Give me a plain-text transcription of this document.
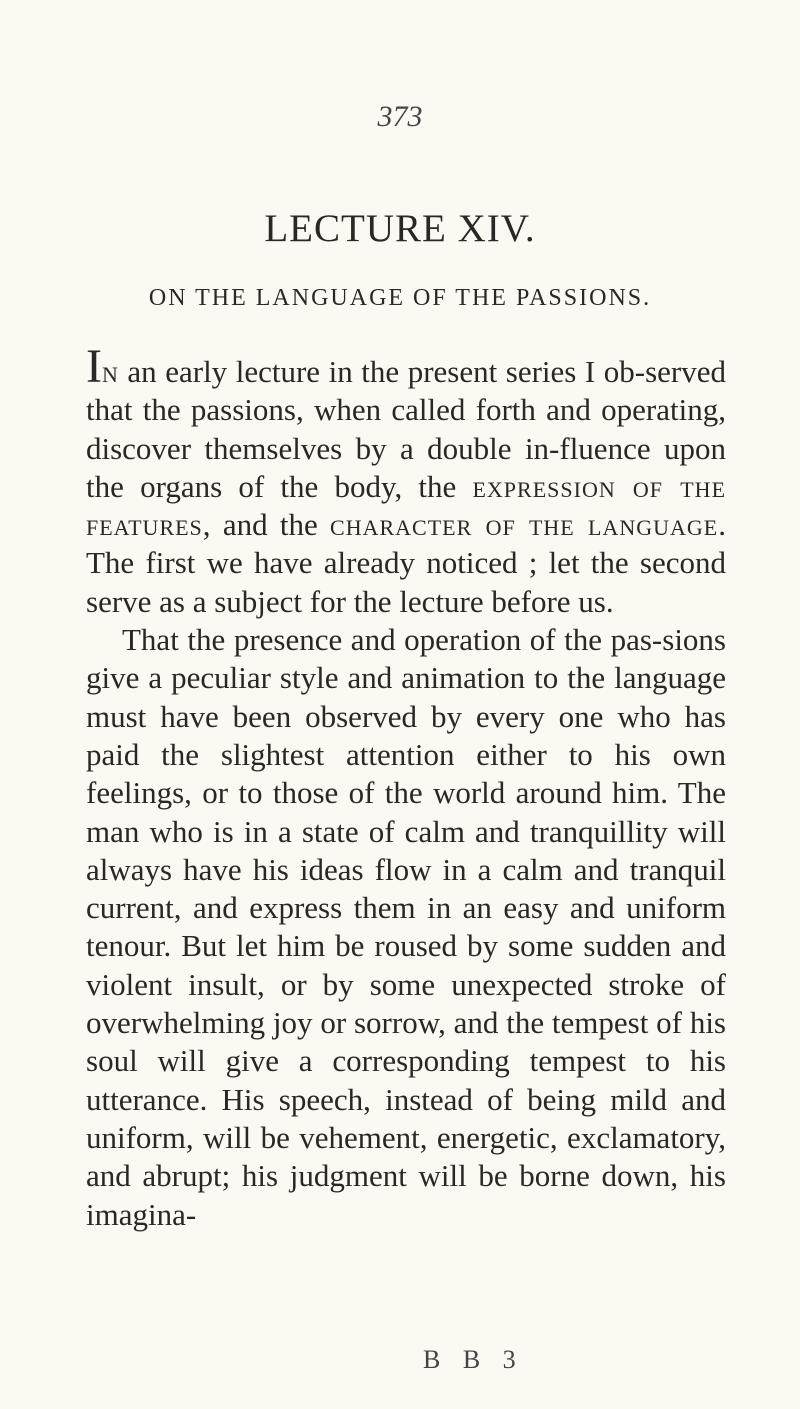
373
LECTURE XIV.
ON THE LANGUAGE OF THE PASSIONS.

In an early lecture in the present series I ob-served that the passions, when called forth and operating, discover themselves by a double in-fluence upon the organs of the body, the expression of the features, and the character of the language. The first we have already noticed ; let the second serve as a subject for the lecture before us.

That the presence and operation of the pas-sions give a peculiar style and animation to the language must have been observed by every one who has paid the slightest attention either to his own feelings, or to those of the world around him. The man who is in a state of calm and tranquillity will always have his ideas flow in a calm and tranquil current, and express them in an easy and uniform tenour. But let him be roused by some sudden and violent insult, or by some unexpected stroke of overwhelming joy or sorrow, and the tempest of his soul will give a corresponding tempest to his utterance. His speech, instead of being mild and uniform, will be vehement, energetic, exclamatory, and abrupt; his judgment will be borne down, his imagina-

B B 3
